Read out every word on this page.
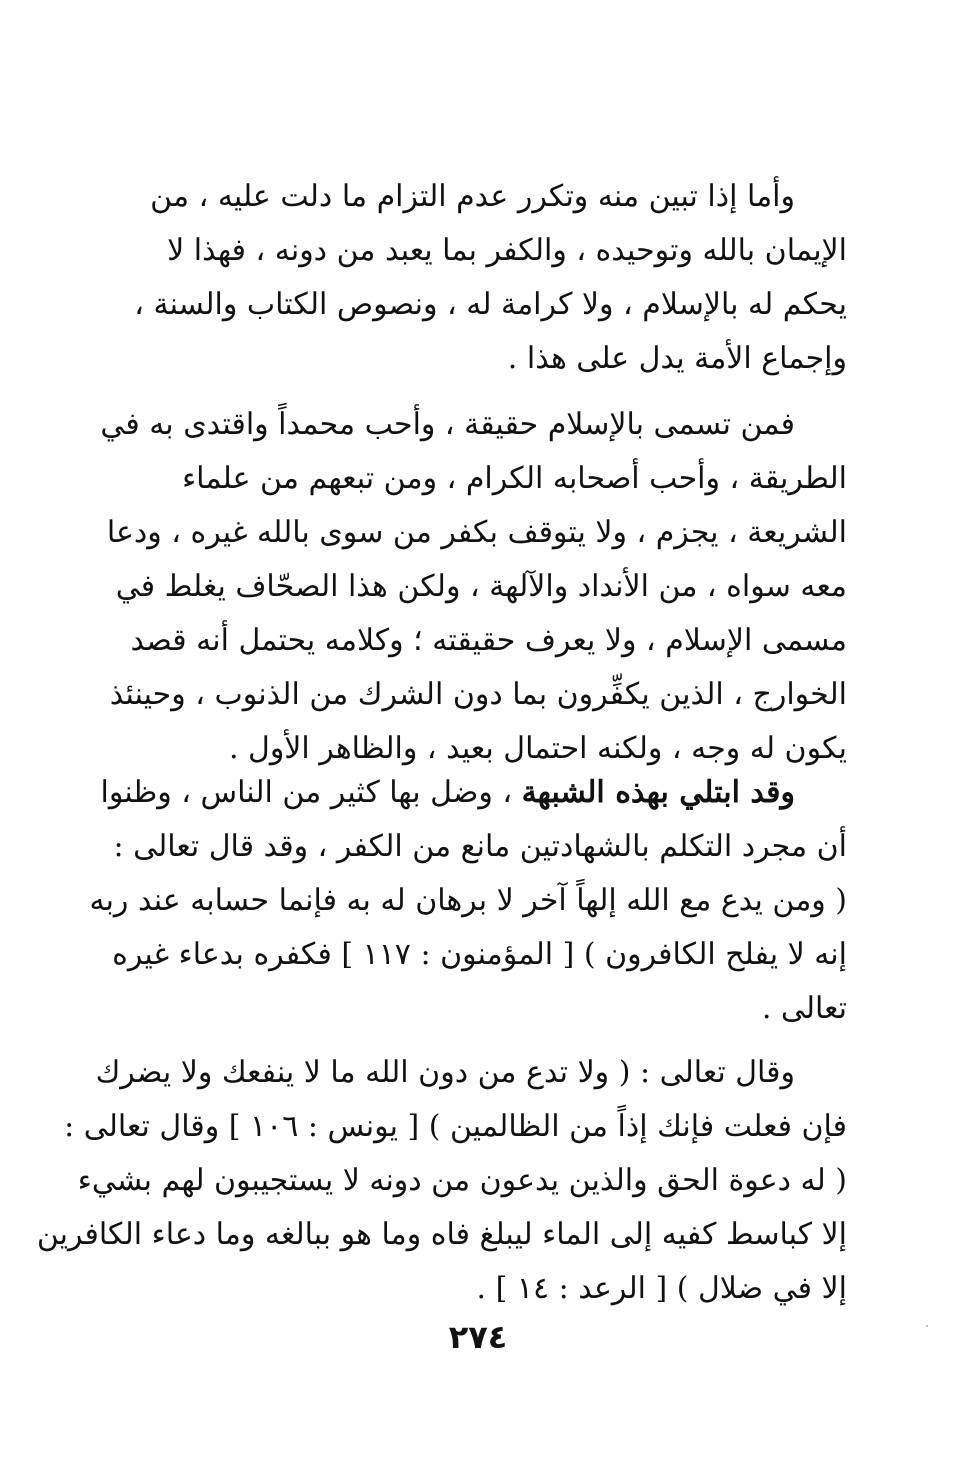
وأما إذا تبين منه وتكرر عدم التزام ما دلت عليه ، من
الإيمان بالله وتوحيده ، والكفر بما يعبد من دونه ، فهذا لا
يحكم له بالإسلام ، ولا كرامة له ، ونصوص الكتاب والسنة ،
وإجماع الأمة يدل على هذا .
فمن تسمى بالإسلام حقيقة ، وأحب محمداً واقتدى به في
الطريقة ، وأحب أصحابه الكرام ، ومن تبعهم من علماء
الشريعة ، يجزم ، ولا يتوقف بكفر من سوى بالله غيره ، ودعا
معه سواه ، من الأنداد والآلهة ، ولكن هذا الصحّاف يغلط في
مسمى الإسلام ، ولا يعرف حقيقته ؛ وكلامه يحتمل أنه قصد
الخوارج ، الذين يكفِّرون بما دون الشرك من الذنوب ، وحينئذ
يكون له وجه ، ولكنه احتمال بعيد ، والظاهر الأول .
وقد ابتلي بهذه الشبهة ، وضل بها كثير من الناس ، وظنوا
أن مجرد التكلم بالشهادتين مانع من الكفر ، وقد قال تعالى :
( ومن يدع مع الله إلهاً آخر لا برهان له به فإنما حسابه عند ربه
إنه لا يفلح الكافرون ) [ المؤمنون : ١١٧ ] فكفره بدعاء غيره
تعالى .
وقال تعالى : ( ولا تدع من دون الله ما لا ينفعك ولا يضرك
فإن فعلت فإنك إذاً من الظالمين ) [ يونس : ١٠٦ ] وقال تعالى :
( له دعوة الحق والذين يدعون من دونه لا يستجيبون لهم بشيء
إلا كباسط كفيه إلى الماء ليبلغ فاه وما هو ببالغه وما دعاء الكافرين
إلا في ضلال ) [ الرعد : ١٤ ] .
٢٧٤
